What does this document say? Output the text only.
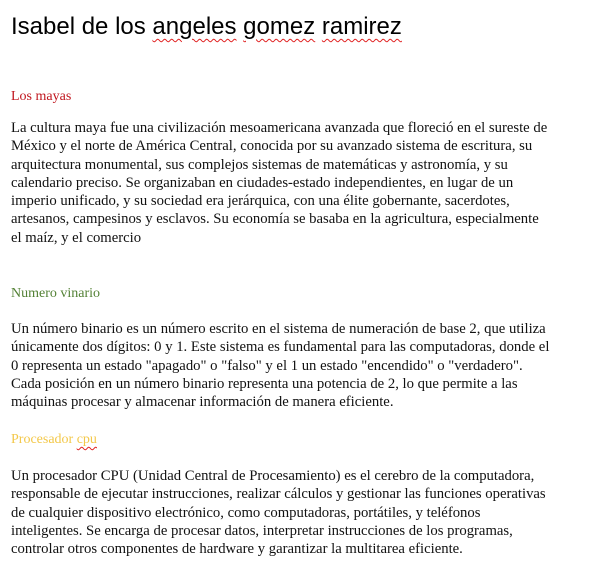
Isabel de los angeles gomez ramirez
Los mayas

La cultura maya fue una civilización mesoamericana avanzada que floreció en el sureste de
México y el norte de América Central, conocida por su avanzado sistema de escritura, su
arquitectura monumental, sus complejos sistemas de matemáticas y astronomía, y su
calendario preciso. Se organizaban en ciudades-estado independientes, en lugar de un
imperio unificado, y su sociedad era jerárquica, con una élite gobernante, sacerdotes,
artesanos, campesinos y esclavos. Su economía se basaba en la agricultura, especialmente
el maíz, y el comercio

Numero vinario

Un número binario es un número escrito en el sistema de numeración de base 2, que utiliza
únicamente dos dígitos: 0 y 1. Este sistema es fundamental para las computadoras, donde el
0 representa un estado "apagado" o "falso" y el 1 un estado "encendido" o "verdadero".
Cada posición en un número binario representa una potencia de 2, lo que permite a las
máquinas procesar y almacenar información de manera eficiente.

Procesador cpu

Un procesador CPU (Unidad Central de Procesamiento) es el cerebro de la computadora,
responsable de ejecutar instrucciones, realizar cálculos y gestionar las funciones operativas
de cualquier dispositivo electrónico, como computadoras, portátiles, y teléfonos
inteligentes. Se encarga de procesar datos, interpretar instrucciones de los programas,
controlar otros componentes de hardware y garantizar la multitarea eficiente.
